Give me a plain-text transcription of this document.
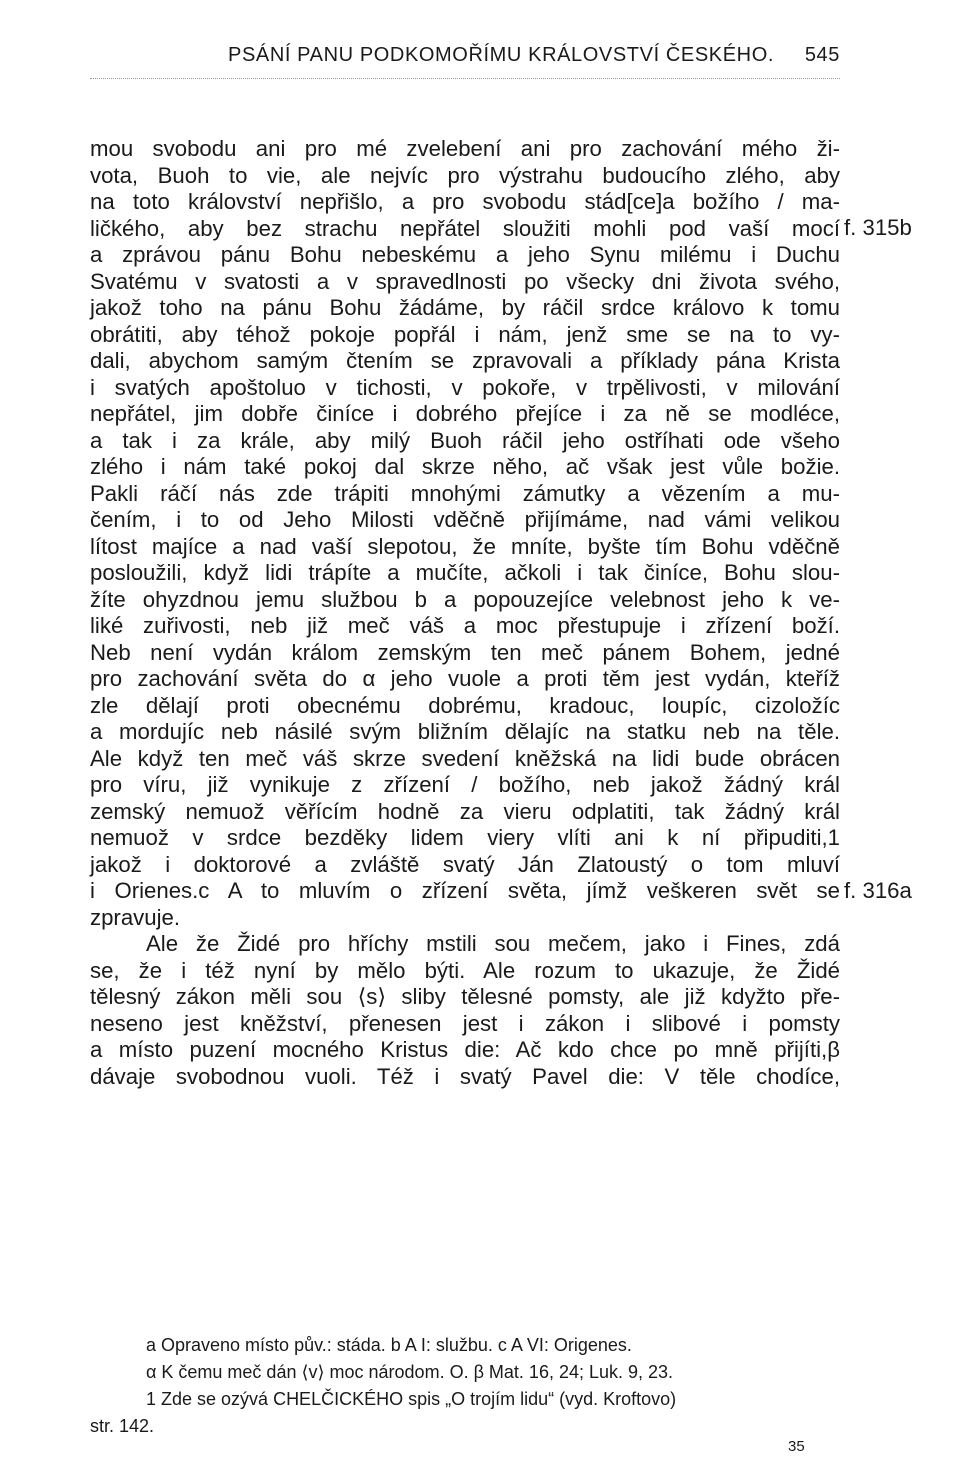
PSÁNÍ PANU PODKOMOŘÍMU KRÁLOVSTVÍ ČESKÉHO. 545
mou svobodu ani pro mé zvelebení ani pro zachování mého ži-
vota, Buoh to vie, ale nejvíc pro výstrahu budoucího zlého, aby
na toto království nepřišlo, a pro svobodu stád[ce]a božího / ma-
ličkého, aby bez strachu nepřátel sloužiti mohli pod vaší mocí
a zprávou pánu Bohu nebeskému a jeho Synu milému i Duchu
Svatému v svatosti a v spravedlnosti po všecky dni života svého,
jakož toho na pánu Bohu žádáme, by ráčil srdce královo k tomu
obrátiti, aby téhož pokoje popřál i nám, jenž sme se na to vy-
dali, abychom samým čtením se zpravovali a příklady pána Krista
i svatých apoštoluo v tichosti, v pokoře, v trpělivosti, v milování
nepřátel, jim dobře činíce i dobrého přejíce i za ně se modléce,
a tak i za krále, aby milý Buoh ráčil jeho ostříhati ode všeho
zlého i nám také pokoj dal skrze něho, ač však jest vůle božie.
Pakli ráčí nás zde trápiti mnohými zámutky a vězením a mu-
čením, i to od Jeho Milosti vděčně přijímáme, nad vámi velikou
lítost majíce a nad vaší slepotou, že mníte, byšte tím Bohu vděčně
posloužili, když lidi trápíte a mučíte, ačkoli i tak činíce, Bohu slou-
žíte ohyzdnou jemu službou b a popouzejíce velebnost jeho k ve-
liké zuřivosti, neb již meč váš a moc přestupuje i zřízení boží.
Neb není vydán králom zemským ten meč pánem Bohem, jedné
pro zachování světa do α jeho vuole a proti těm jest vydán, kteříž
zle dělají proti obecnému dobrému, kradouc, loupíc, cizoložíc
a mordujíc neb násilé svým bližním dělajíc na statku neb na těle.
Ale když ten meč váš skrze svedení kněžská na lidi bude obrácen
pro víru, již vynikuje z zřízení / božího, neb jakož žádný král
zemský nemuož věřícím hodně za vieru odplatiti, tak žádný král
nemuož v srdce bezděky lidem viery vlíti ani k ní připuditi,1
jakož i doktorové a zvláště svatý Ján Zlatoustý o tom mluví
i Orienes.c A to mluvím o zřízení světa, jímž veškeren svět se
zpravuje.
Ale že Židé pro hříchy mstili sou mečem, jako i Fines, zdá
se, že i též nyní by mělo býti. Ale rozum to ukazuje, že Židé
tělesný zákon měli sou ⟨s⟩ sliby tělesné pomsty, ale již kdyžto pře-
neseno jest kněžství, přenesen jest i zákon i slibové i pomsty
a místo puzení mocného Kristus die: Ač kdo chce po mně přijíti,β
dávaje svobodnou vuoli. Též i svatý Pavel die: V těle chodíce,
f. 315b
f. 316a
a Opraveno místo pův.: stáda. b A I: službu. c A VI: Origenes.
α K čemu meč dán ⟨v⟩ moc národom. O. β Mat. 16, 24; Luk. 9, 23.
1 Zde se ozývá CHELČICKÉHO spis „O trojím lidu“ (vyd. Kroftovo)
str. 142.
35
